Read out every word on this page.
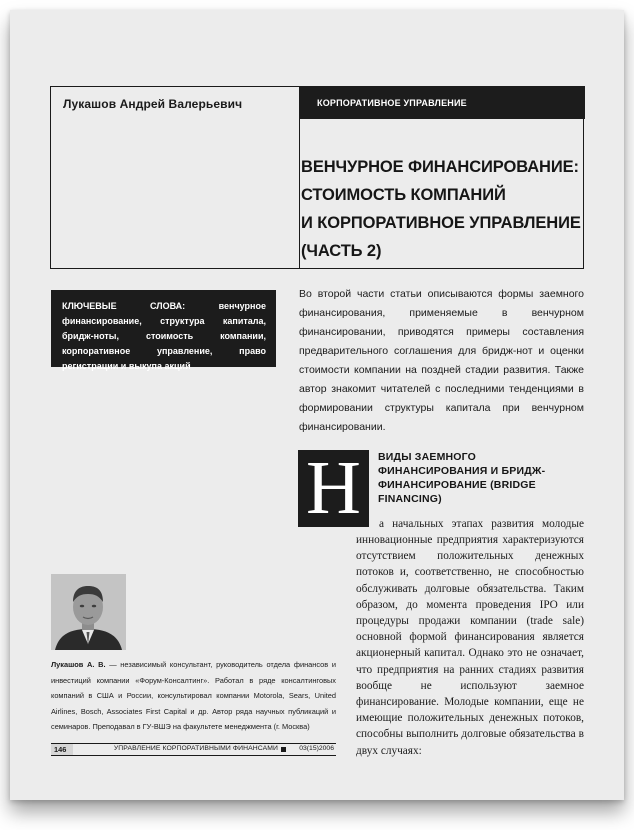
Лукашов Андрей Валерьевич	КОРПОРАТИВНОЕ УПРАВЛЕНИЕ
ВЕНЧУРНОЕ ФИНАНСИРОВАНИЕ:
СТОИМОСТЬ КОМПАНИЙ
И КОРПОРАТИВНОЕ УПРАВЛЕНИЕ
(ЧАСТЬ 2)
КЛЮЧЕВЫЕ СЛОВА: венчурное финансирование, структура капитала, бридж-ноты, стоимость компании, корпоративное управление, право регистрации и выкупа акций
Во второй части статьи описываются формы заемного финансирования, применяемые в венчурном финансировании, приводятся примеры составления предварительного соглашения для бридж-нот и оценки стоимости компании на поздней стадии развития. Также автор знакомит читателей с последними тенденциями в формировании структуры капитала при венчурном финансировании.
Н	ВИДЫ ЗАЕМНОГО ФИНАНСИРОВАНИЯ И БРИДЖ-ФИНАНСИРОВАНИЕ (BRIDGE FINANCING)
а начальных этапах развития молодые
инновационные предприятия характеризуются отсутствием положительных денежных потоков и, соответственно, не способностью обслуживать долговые обязательства. Таким образом, до момента проведения IPO или процедуры продажи компании (trade sale) основной формой финансирования является акционерный капитал. Однако это не означает, что предприятия на ранних стадиях развития вообще не используют заемное финансирование. Молодые компании, еще не имеющие положительных денежных потоков, способны выполнить долговые обязательства в двух случаях:
Лукашов А. В. — независимый консультант, руководитель отдела финансов и инвестиций компании «Форум-Консалтинг». Работал в ряде консалтинговых компаний в США и России, консультировал компании Motorola, Sears, United Airlines, Bosch, Associates First Capital и др. Автор ряда научных публикаций и семинаров. Преподавал в ГУ-ВШЭ на факультете менеджмента (г. Москва)
146	УПРАВЛЕНИЕ КОРПОРАТИВНЫМИ ФИНАНСАМИ	03(15)2006
